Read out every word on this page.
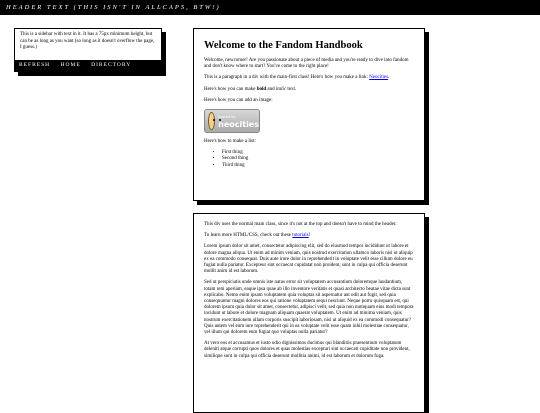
HEADER TEXT (THIS ISN'T IN ALLCAPS, BTW!)
This is a sidebar with text in it. It has a 75px minimum height, but can be as long as you want (so long as it doesn't overflow the page, I guess.)
REFRESH HOME DIRECTORY
Welcome to the Fandom Handbook

Welcome, newcomer! Are you passionate about a piece of media and you're ready to dive into fandom and don't know where to start? You've come to the right place!

This is a paragraph in a div with the main-first class! Here's how you make a link: Neocities.

Here's how you can make bold and italic text.

Here's how you can add an image:

hosted by
neocities

Here's how to make a list:

• First thing
• Second thing
• Third thing

This div uses the normal main class, since it's not at the top and doesn't have to mind the header.

To learn more HTML/CSS, check out these tutorials!

Lorem ipsum dolor sit amet, consectetur adipiscing elit, sed do eiusmod tempor incididunt ut labore et dolore magna aliqua. Ut enim ad minim veniam, quis nostrud exercitation ullamco laboris nisi ut aliquip ex ea commodo consequat. Duis aute irure dolor in reprehenderit in voluptate velit esse cillum dolore eu fugiat nulla pariatur. Excepteur sint occaecat cupidatat non proident, sunt in culpa qui officia deserunt mollit anim id est laborum.

Sed ut perspiciatis unde omnis iste natus error sit voluptatem accusantium doloremque laudantium, totam rem aperiam, eaque ipsa quae ab illo inventore veritatis et quasi architecto beatae vitae dicta sunt explicabo. Nemo enim ipsam voluptatem quia voluptas sit aspernatur aut odit aut fugit, sed quia consequuntur magni dolores eos qui ratione voluptatem sequi nesciunt. Neque porro quisquam est, qui dolorem ipsum quia dolor sit amet, consectetur, adipisci velit, sed quia non numquam eius modi tempora incidunt ut labore et dolore magnam aliquam quaerat voluptatem. Ut enim ad minima veniam, quis nostrum exercitationem ullam corporis suscipit laboriosam, nisi ut aliquid ex ea commodi consequatur? Quis autem vel eum iure reprehenderit qui in ea voluptate velit esse quam nihil molestiae consequatur, vel illum qui dolorem eum fugiat quo voluptas nulla pariatur?

At vero eos et accusamus et iusto odio dignissimos ducimus qui blanditiis praesentium voluptatum deleniti atque corrupti quos dolores et quas molestias excepturi sint occaecati cupiditate non provident, similique sunt in culpa qui officia deserunt mollitia animi, id est laborum et dolorum fuga.
